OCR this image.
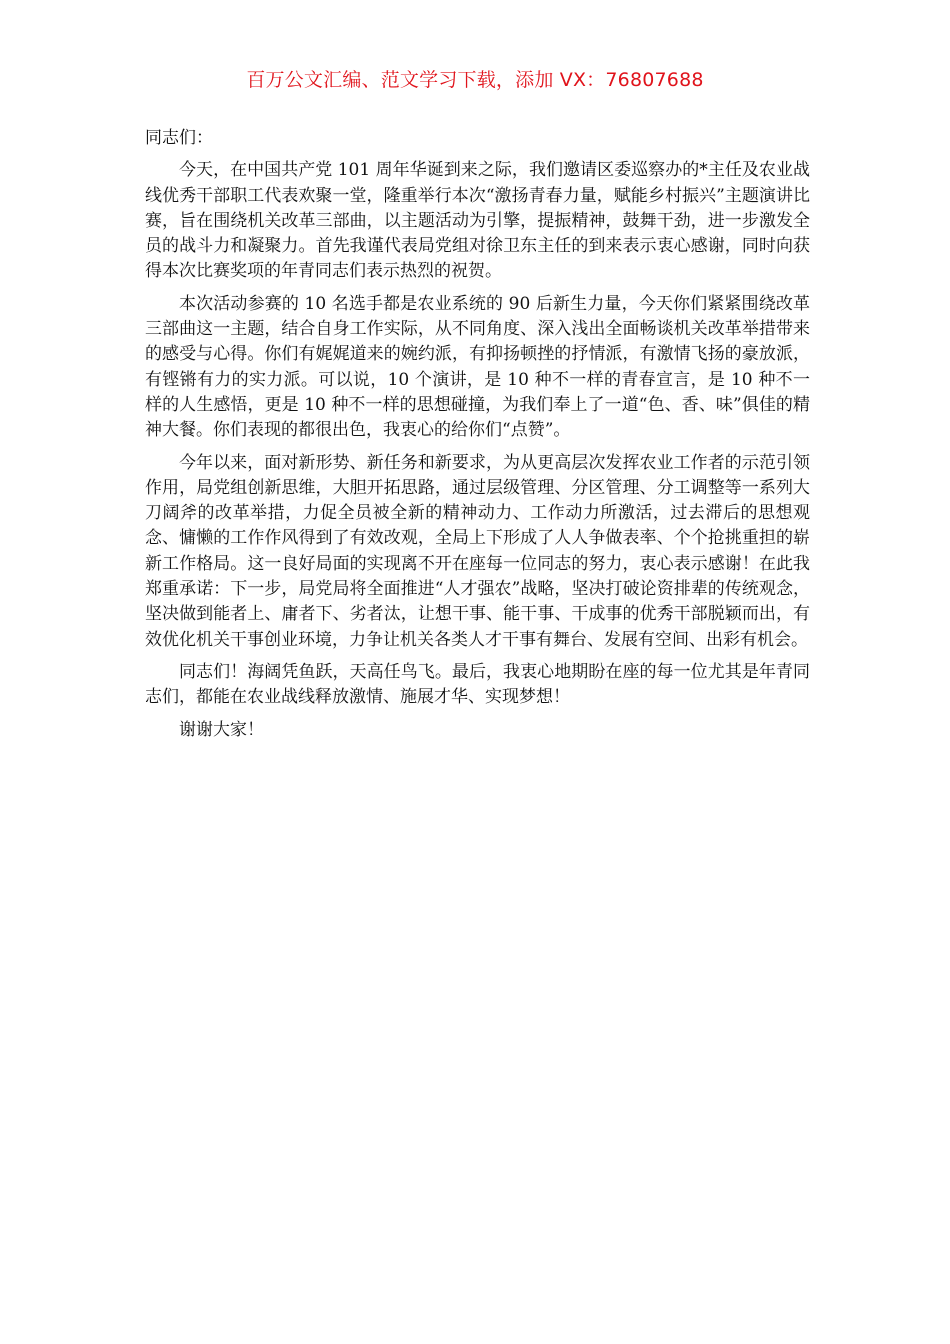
百万公文汇编、范文学习下载，添加 VX：76807688

同志们：

今天，在中国共产党 101 周年华诞到来之际，我们邀请区委巡察办的*主任及农业战线优秀干部职工代表欢聚一堂，隆重举行本次“激扬青春力量，赋能乡村振兴”主题演讲比赛，旨在围绕机关改革三部曲，以主题活动为引擎，提振精神，鼓舞干劲，进一步激发全员的战斗力和凝聚力。首先我谨代表局党组对徐卫东主任的到来表示衷心感谢，同时向获得本次比赛奖项的年青同志们表示热烈的祝贺。

本次活动参赛的 10 名选手都是农业系统的 90 后新生力量，今天你们紧紧围绕改革三部曲这一主题，结合自身工作实际，从不同角度、深入浅出全面畅谈机关改革举措带来的感受与心得。你们有娓娓道来的婉约派，有抑扬顿挫的抒情派，有激情飞扬的豪放派，有铿锵有力的实力派。可以说，10 个演讲，是 10 种不一样的青春宣言，是 10 种不一样的人生感悟，更是 10 种不一样的思想碰撞，为我们奉上了一道“色、香、味”俱佳的精神大餐。你们表现的都很出色，我衷心的给你们“点赞”。

今年以来，面对新形势、新任务和新要求，为从更高层次发挥农业工作者的示范引领作用，局党组创新思维，大胆开拓思路，通过层级管理、分区管理、分工调整等一系列大刀阔斧的改革举措，力促全员被全新的精神动力、工作动力所激活，过去滞后的思想观念、慵懒的工作作风得到了有效改观，全局上下形成了人人争做表率、个个抢挑重担的崭新工作格局。这一良好局面的实现离不开在座每一位同志的努力，衷心表示感谢！在此我郑重承诺：下一步，局党局将全面推进“人才强农”战略，坚决打破论资排辈的传统观念，坚决做到能者上、庸者下、劣者汰，让想干事、能干事、干成事的优秀干部脱颖而出，有效优化机关干事创业环境，力争让机关各类人才干事有舞台、发展有空间、出彩有机会。

同志们！海阔凭鱼跃，天高任鸟飞。最后，我衷心地期盼在座的每一位尤其是年青同志们，都能在农业战线释放激情、施展才华、实现梦想！

谢谢大家！
